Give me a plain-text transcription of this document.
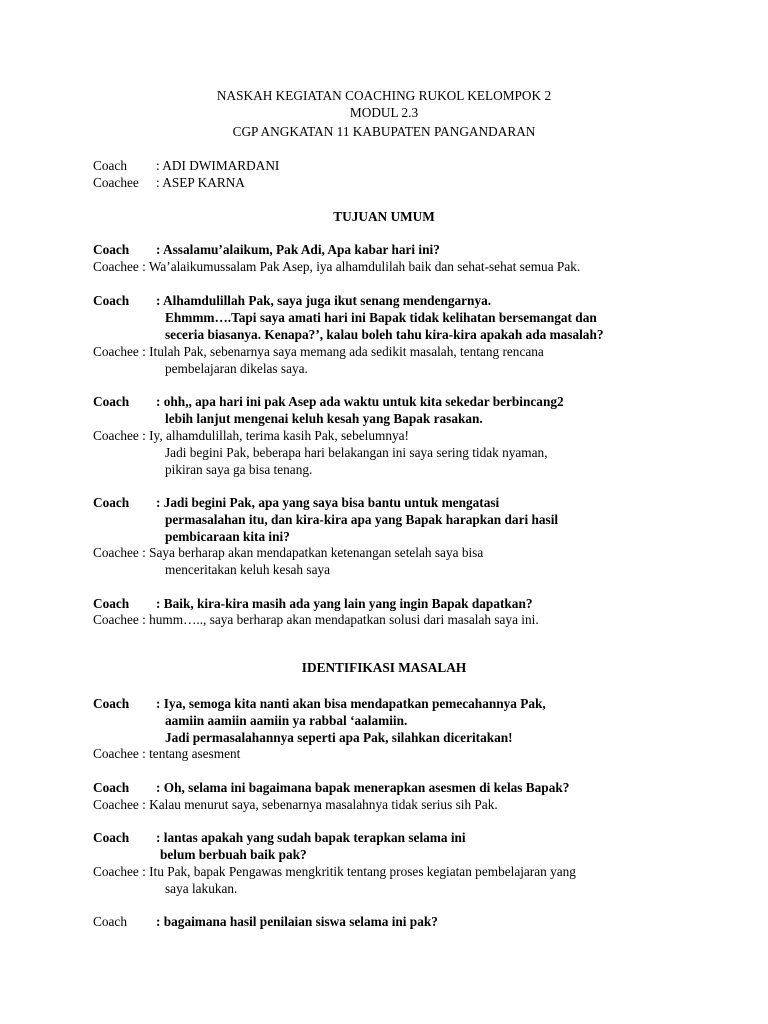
NASKAH KEGIATAN COACHING RUKOL KELOMPOK 2
MODUL 2.3
CGP ANGKATAN 11 KABUPATEN PANGANDARAN
Coach : ADI DWIMARDANI
Coachee : ASEP KARNA
TUJUAN UMUM
Coach : Assalamu’alaikum, Pak Adi, Apa kabar hari ini?
Coachee : Wa’alaikumussalam Pak Asep, iya alhamdulilah baik dan sehat-sehat semua Pak.
Coach : Alhamdulillah Pak, saya juga ikut senang mendengarnya.
Ehmmm….Tapi saya amati hari ini Bapak tidak kelihatan bersemangat dan
seceria biasanya. Kenapa?’, kalau boleh tahu kira-kira apakah ada masalah?
Coachee : Itulah Pak, sebenarnya saya memang ada sedikit masalah, tentang rencana
pembelajaran dikelas saya.
Coach : ohh,, apa hari ini pak Asep ada waktu untuk kita sekedar berbincang2
lebih lanjut mengenai keluh kesah yang Bapak rasakan.
Coachee : Iy, alhamdulillah, terima kasih Pak, sebelumnya!
Jadi begini Pak, beberapa hari belakangan ini saya sering tidak nyaman,
pikiran saya ga bisa tenang.
Coach : Jadi begini Pak, apa yang saya bisa bantu untuk mengatasi
permasalahan itu, dan kira-kira apa yang Bapak harapkan dari hasil
pembicaraan kita ini?
Coachee : Saya berharap akan mendapatkan ketenangan setelah saya bisa
menceritakan keluh kesah saya
Coach : Baik, kira-kira masih ada yang lain yang ingin Bapak dapatkan?
Coachee : humm….., saya berharap akan mendapatkan solusi dari masalah saya ini.
IDENTIFIKASI MASALAH
Coach : Iya, semoga kita nanti akan bisa mendapatkan pemecahannya Pak,
aamiin aamiin aamiin ya rabbal ‘aalamiin.
Jadi permasalahannya seperti apa Pak, silahkan diceritakan!
Coachee : tentang asesment
Coach : Oh, selama ini bagaimana bapak menerapkan asesmen di kelas Bapak?
Coachee : Kalau menurut saya, sebenarnya masalahnya tidak serius sih Pak.
Coach : lantas apakah yang sudah bapak terapkan selama ini
belum berbuah baik pak?
Coachee : Itu Pak, bapak Pengawas mengkritik tentang proses kegiatan pembelajaran yang
saya lakukan.
Coach : bagaimana hasil penilaian siswa selama ini pak?
